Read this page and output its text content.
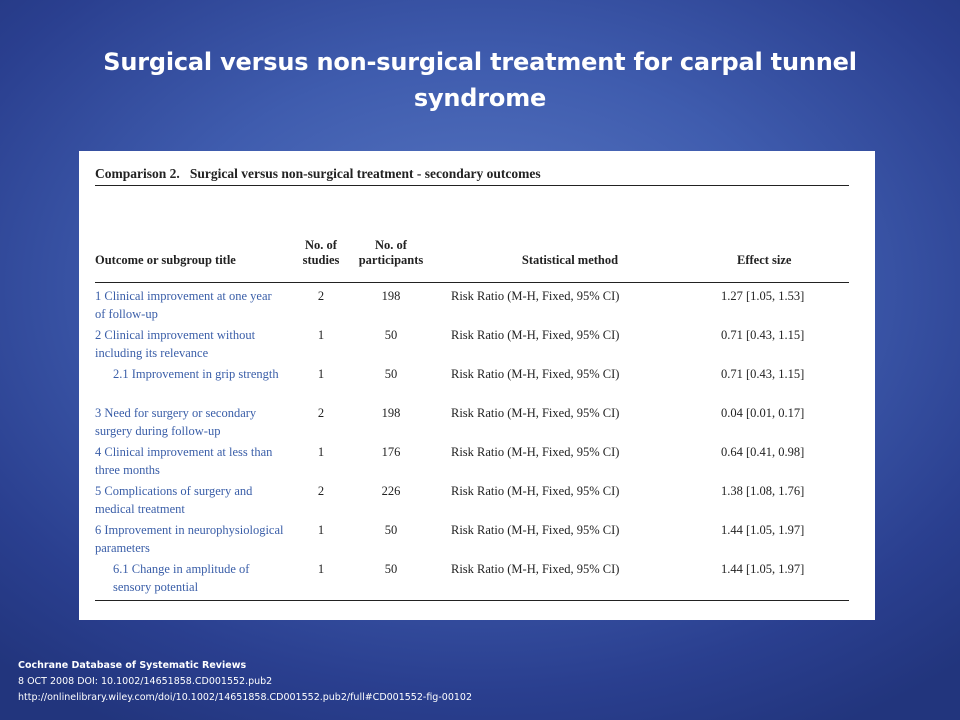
Surgical versus non-surgical treatment for carpal tunnel syndrome
Comparison 2.   Surgical versus non-surgical treatment - secondary outcomes
Outcome or subgroup title	No. of studies	No. of participants	Statistical method	Effect size
1 Clinical improvement at one year of follow-up	2	198	Risk Ratio (M-H, Fixed, 95% CI)	1.27 [1.05, 1.53]
2 Clinical improvement without including its relevance	1	50	Risk Ratio (M-H, Fixed, 95% CI)	0.71 [0.43, 1.15]
2.1 Improvement in grip strength	1	50	Risk Ratio (M-H, Fixed, 95% CI)	0.71 [0.43, 1.15]
3 Need for surgery or secondary surgery during follow-up	2	198	Risk Ratio (M-H, Fixed, 95% CI)	0.04 [0.01, 0.17]
4 Clinical improvement at less than three months	1	176	Risk Ratio (M-H, Fixed, 95% CI)	0.64 [0.41, 0.98]
5 Complications of surgery and medical treatment	2	226	Risk Ratio (M-H, Fixed, 95% CI)	1.38 [1.08, 1.76]
6 Improvement in neurophysiological parameters	1	50	Risk Ratio (M-H, Fixed, 95% CI)	1.44 [1.05, 1.97]
6.1 Change in amplitude of sensory potential	1	50	Risk Ratio (M-H, Fixed, 95% CI)	1.44 [1.05, 1.97]
Cochrane Database of Systematic Reviews
8 OCT 2008 DOI: 10.1002/14651858.CD001552.pub2
http://onlinelibrary.wiley.com/doi/10.1002/14651858.CD001552.pub2/full#CD001552-fig-00102
